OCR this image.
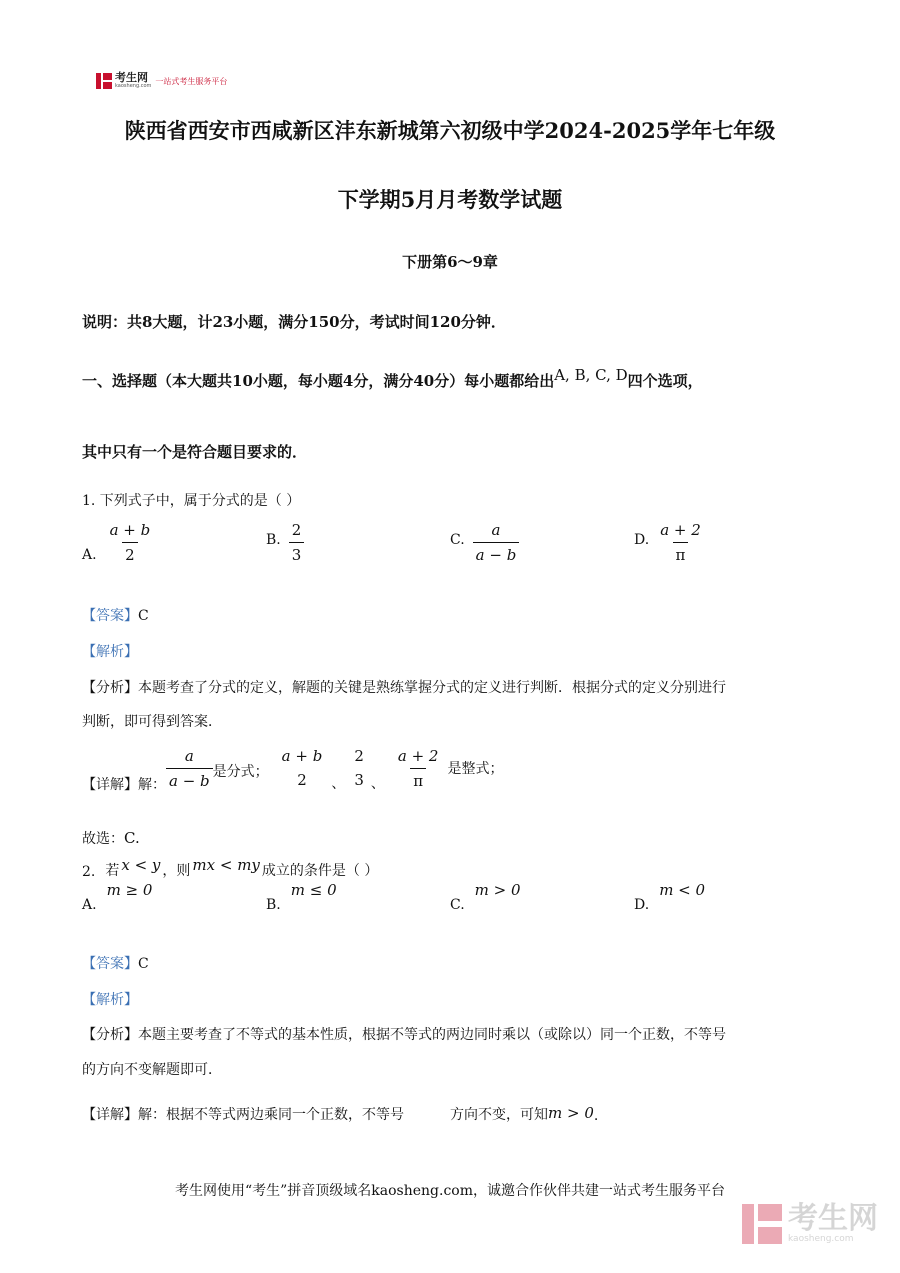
考生网
kaosheng.com
一站式考生服务平台
陕西省西安市西咸新区沣东新城第六初级中学2024-2025学年七年级
下学期5月月考数学试题
下册第6～9章
说明：共8大题，计23小题，满分150分，考试时间120分钟．
一、选择题（本大题共10小题，每小题4分，满分40分）每小题都给出A, B, C, D四个选项，
其中只有一个是符合题目要求的．
1. 下列式子中，属于分式的是（ ）
A. $\frac{a + b}{2}$	B. $\frac{2}{3}$	C. $\frac{a}{a - b}$	D. $\frac{a + 2}{\pi}$
【答案】C
【解析】
【分析】本题考查了分式的定义，解题的关键是熟练掌握分式的定义进行判断．根据分式的定义分别进行
判断，即可得到答案．
【详解】解： $\frac{a}{a - b}$ 是分式；
a + b
2 、
2
3 、 $\frac{a + 2}{\pi}$ 是整式；
故选：C.
2. 若 x < y ，则 mx < my 成立的条件是（ ）
A.
m ≥ 0
B.
m ≤ 0
C.
m > 0
D.
m < 0
【答案】C
【解析】
【分析】本题主要考查了不等式的基本性质，根据不等式的两边同时乘以（或除以）同一个正数，不等号
的方向不变解题即可．
【详解】解：根据不等式两边乘同一个正数，不等号	方向不变，可知 m > 0 .
考生网使用“考生”拼音顶级域名kaosheng.com，诚邀合作伙伴共建一站式考生服务平台
考生网
kaosheng.com
